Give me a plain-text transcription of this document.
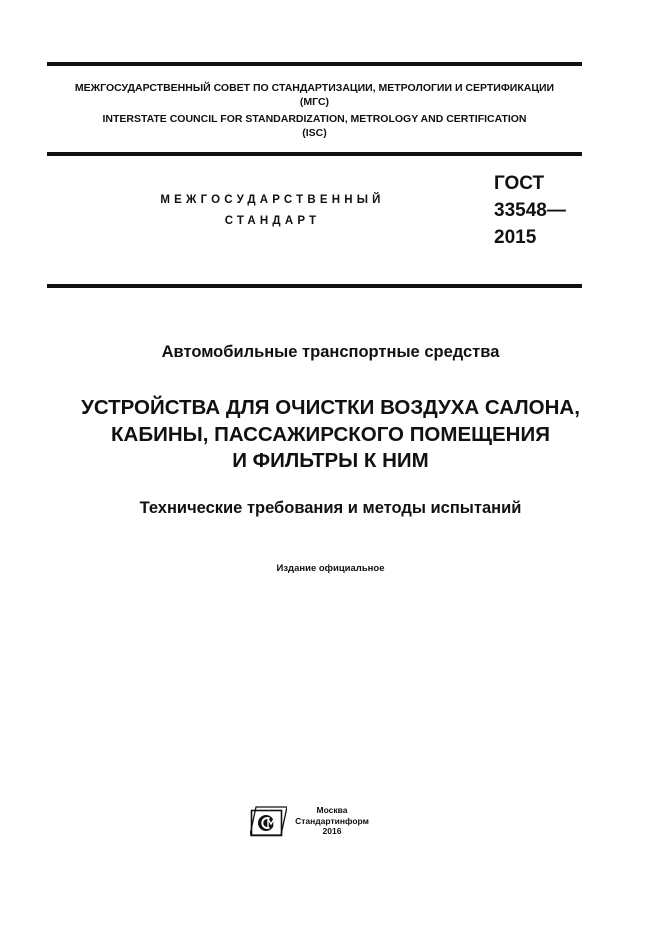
МЕЖГОСУДАРСТВЕННЫЙ СОВЕТ ПО СТАНДАРТИЗАЦИИ, МЕТРОЛОГИИ И СЕРТИФИКАЦИИ
(МГС)
INTERSTATE COUNCIL FOR STANDARDIZATION, METROLOGY AND CERTIFICATION
(ISC)
МЕЖГОСУДАРСТВЕННЫЙ
СТАНДАРТ
ГОСТ
33548—
2015
Автомобильные транспортные средства
УСТРОЙСТВА ДЛЯ ОЧИСТКИ ВОЗДУХА САЛОНА,
КАБИНЫ, ПАССАЖИРСКОГО ПОМЕЩЕНИЯ
И ФИЛЬТРЫ К НИМ
Технические требования и методы испытаний
Издание официальное
Москва
Стандартинформ
2016
